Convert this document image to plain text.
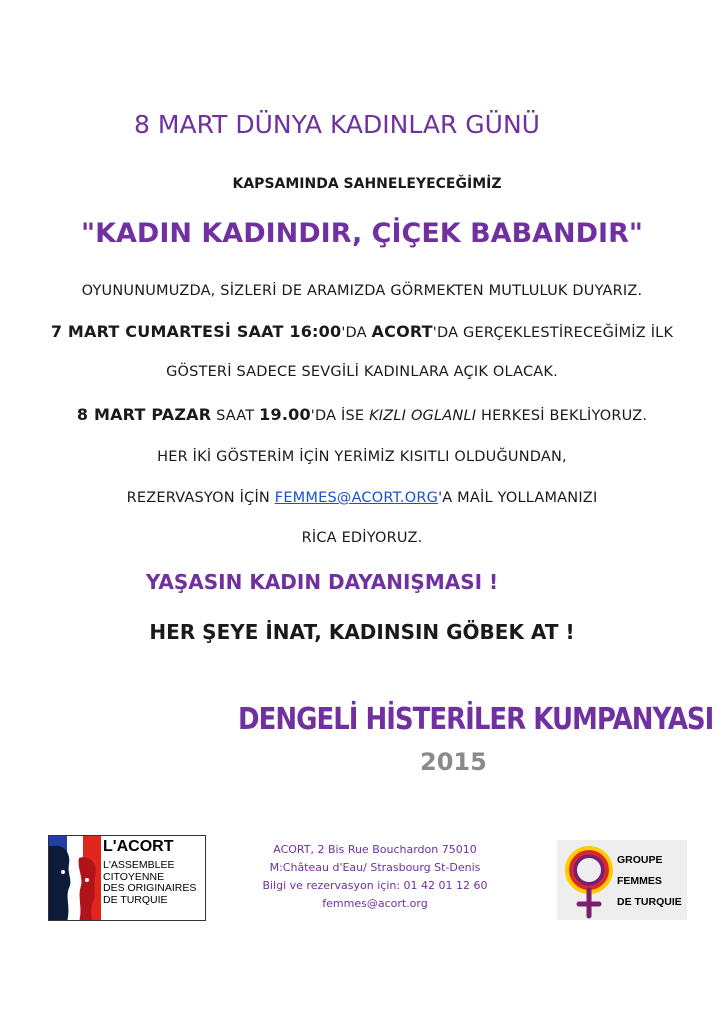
8 MART DÜNYA KADINLAR GÜNÜ
KAPSAMINDA SAHNELEYECEĞİMİZ
"KADIN KADINDIR, ÇİÇEK BABANDIR"
OYUNUNUMUZDA, SİZLERİ DE ARAMIZDA GÖRMEKTEN MUTLULUK DUYARIZ.
7 MART CUMARTESİ SAAT 16:00'DA ACORT'DA GERÇEKLESTİRECEĞİMİZ İLK
GÖSTERİ SADECE SEVGİLİ KADINLARA AÇIK OLACAK.
8 MART PAZAR SAAT 19.00'DA İSE KIZLI OGLANLI HERKESİ BEKLİYORUZ.
HER İKİ GÖSTERİM İÇİN YERİMİZ KISITLI OLDUĞUNDAN,
REZERVASYON İÇİN FEMMES@ACORT.ORG'A MAİL YOLLAMANIZI
RİCA EDİYORUZ.
YAŞASIN KADIN DAYANIŞMASI !
HER ŞEYE İNAT, KADINSIN GÖBEK AT !
DENGELİ HİSTERİLER KUMPANYASI
2015
L'ACORT
L'ASSEMBLEE
CITOYENNE
DES ORIGINAIRES
DE TURQUIE
ACORT, 2 Bis Rue Bouchardon 75010
M:Château d'Eau/ Strasbourg St-Denis
Bilgi ve rezervasyon için: 01 42 01 12 60
femmes@acort.org
GROUPE
FEMMES
DE TURQUIE
